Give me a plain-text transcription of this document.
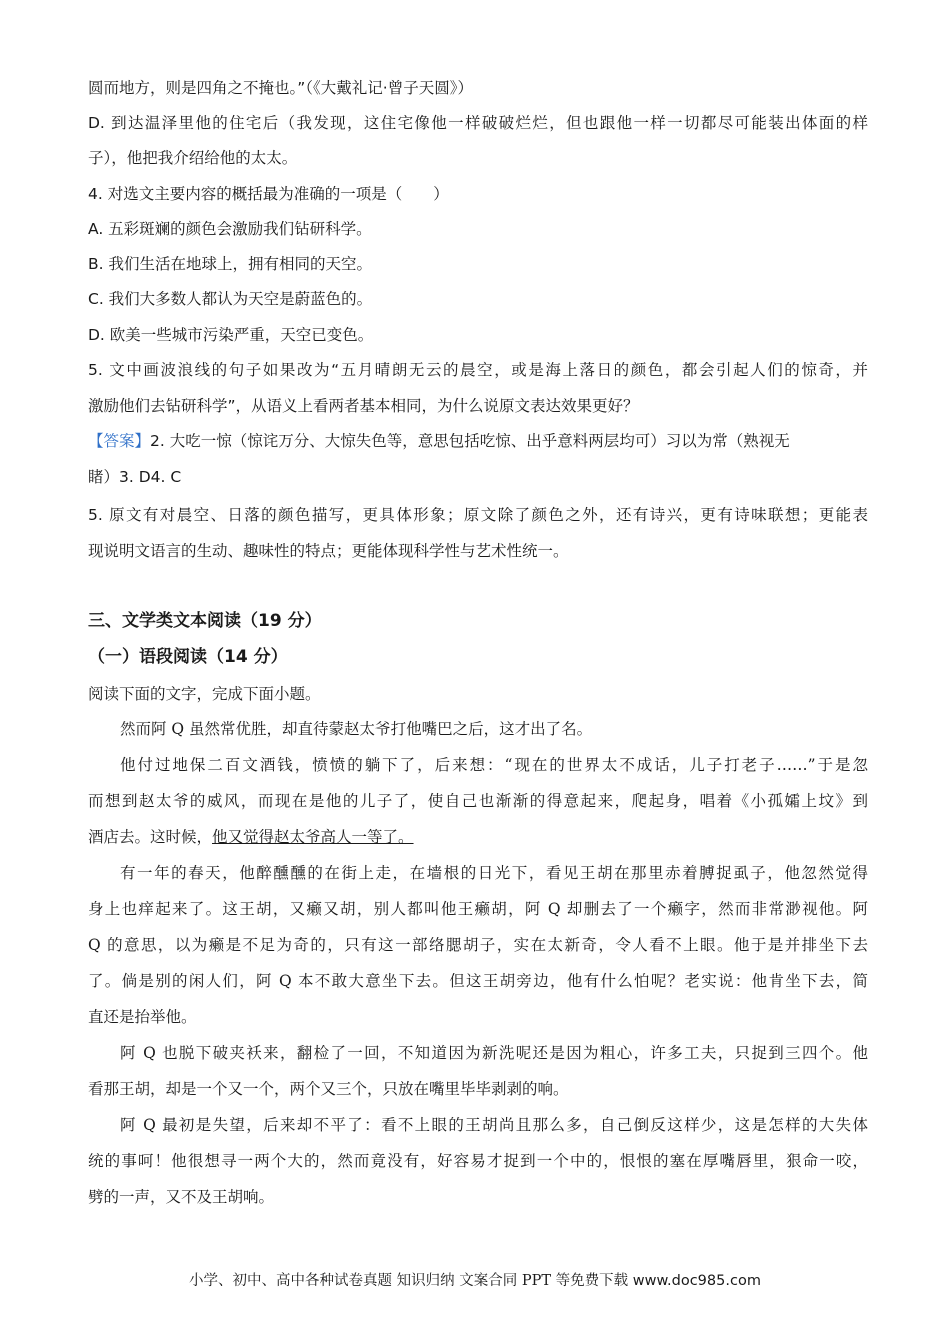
圆而地方，则是四角之不掩也。”（《大戴礼记·曾子天圆》）
D. 到达温泽里他的住宅后（我发现，这住宅像他一样破破烂烂，但也跟他一样一切都尽可能装出体面的样
子），他把我介绍给他的太太。
4. 对选文主要内容的概括最为准确的一项是（　　）
A. 五彩斑斓的颜色会激励我们钻研科学。
B. 我们生活在地球上，拥有相同的天空。
C. 我们大多数人都认为天空是蔚蓝色的。
D. 欧美一些城市污染严重，天空已变色。
5. 文中画波浪线的句子如果改为“五月晴朗无云的晨空，或是海上落日的颜色，都会引起人们的惊奇，并
激励他们去钻研科学”，从语义上看两者基本相同，为什么说原文表达效果更好？
【答案】2. 大吃一惊（惊诧万分、大惊失色等，意思包括吃惊、出乎意料两层均可）习以为常（熟视无
睹）3. D4. C
5. 原文有对晨空、日落的颜色描写，更具体形象；原文除了颜色之外，还有诗兴，更有诗味联想；更能表
现说明文语言的生动、趣味性的特点；更能体现科学性与艺术性统一。
三、文学类文本阅读（19 分）
（一）语段阅读（14 分）
阅读下面的文字，完成下面小题。
然而阿 Q 虽然常优胜，却直待蒙赵太爷打他嘴巴之后，这才出了名。
他付过地保二百文酒钱，愤愤的躺下了，后来想：“现在的世界太不成话，儿子打老子……”于是忽
而想到赵太爷的威风，而现在是他的儿子了，使自己也渐渐的得意起来，爬起身，唱着《小孤孀上坟》到
酒店去。这时候，他又觉得赵太爷高人一等了。
有一年的春天，他醉醺醺的在街上走，在墙根的日光下，看见王胡在那里赤着膊捉虱子，他忽然觉得
身上也痒起来了。这王胡，又癞又胡，别人都叫他王癞胡，阿 Q 却删去了一个癞字，然而非常渺视他。阿
Q 的意思，以为癞是不足为奇的，只有这一部络腮胡子，实在太新奇，令人看不上眼。他于是并排坐下去
了。倘是别的闲人们，阿 Q 本不敢大意坐下去。但这王胡旁边，他有什么怕呢？老实说：他肯坐下去，简
直还是抬举他。
阿 Q 也脱下破夹袄来，翻检了一回，不知道因为新洗呢还是因为粗心，许多工夫，只捉到三四个。他
看那王胡，却是一个又一个，两个又三个，只放在嘴里毕毕剥剥的响。
阿 Q 最初是失望，后来却不平了：看不上眼的王胡尚且那么多，自己倒反这样少，这是怎样的大失体
统的事呵！他很想寻一两个大的，然而竟没有，好容易才捉到一个中的，恨恨的塞在厚嘴唇里，狠命一咬，
劈的一声，又不及王胡响。
小学、初中、高中各种试卷真题 知识归纳 文案合同 PPT 等免费下载 www.doc985.com
